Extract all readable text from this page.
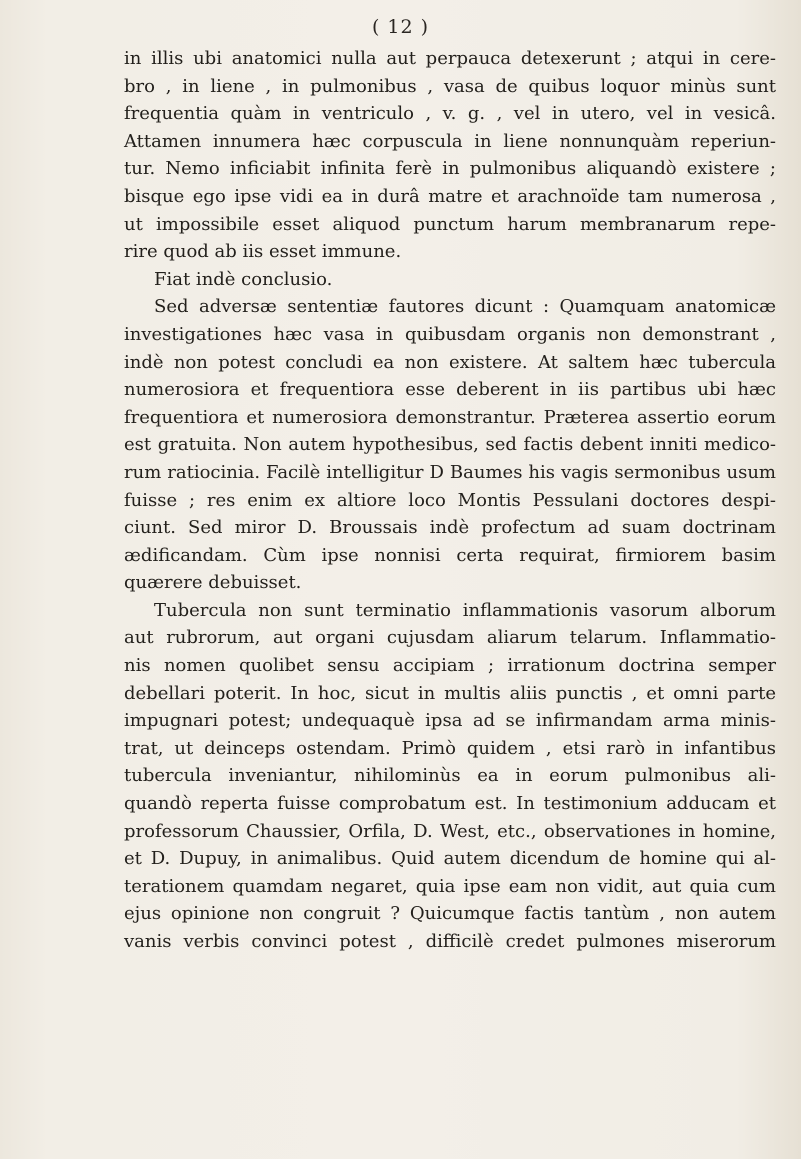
( 12 )
in illis ubi anatomici nulla aut perpauca detexerunt ; atqui in cere-
bro , in liene , in pulmonibus , vasa de quibus loquor minùs sunt
frequentia quàm in ventriculo , v. g. , vel in utero, vel in vesicâ.
Attamen innumera hæc corpuscula in liene nonnunquàm reperiun-
tur. Nemo inficiabit infinita ferè in pulmonibus aliquandò existere ;
bisque ego ipse vidi ea in durâ matre et arachnoïde tam numerosa ,
ut impossibile esset aliquod punctum harum membranarum repe-
rire quod ab iis esset immune.
Fiat indè conclusio.
Sed adversæ sententiæ fautores dicunt : Quamquam anatomicæ
investigationes hæc vasa in quibusdam organis non demonstrant ,
indè non potest concludi ea non existere. At saltem hæc tubercula
numerosiora et frequentiora esse deberent in iis partibus ubi hæc
frequentiora et numerosiora demonstrantur. Præterea assertio eorum
est gratuita. Non autem hypothesibus, sed factis debent inniti medico-
rum ratiocinia. Facilè intelligitur D Baumes his vagis sermonibus usum
fuisse ; res enim ex altiore loco Montis Pessulani doctores despi-
ciunt. Sed miror D. Broussais indè profectum ad suam doctrinam
ædificandam. Cùm ipse nonnisi certa requirat, firmiorem basim
quærere debuisset.
Tubercula non sunt terminatio inflammationis vasorum alborum
aut rubrorum, aut organi cujusdam aliarum telarum. Inflammatio-
nis nomen quolibet sensu accipiam ; irrationum doctrina semper
debellari poterit. In hoc, sicut in multis aliis punctis , et omni parte
impugnari potest; undequaquè ipsa ad se infirmandam arma minis-
trat, ut deinceps ostendam. Primò quidem , etsi rarò in infantibus
tubercula inveniantur, nihilominùs ea in eorum pulmonibus ali-
quandò reperta fuisse comprobatum est. In testimonium adducam et
professorum Chaussier, Orfila, D. West, etc., observationes in homine,
et D. Dupuy, in animalibus. Quid autem dicendum de homine qui al-
terationem quamdam negaret, quia ipse eam non vidit, aut quia cum
ejus opinione non congruit ? Quicumque factis tantùm , non autem
vanis verbis convinci potest , difficilè credet pulmones miserorum
